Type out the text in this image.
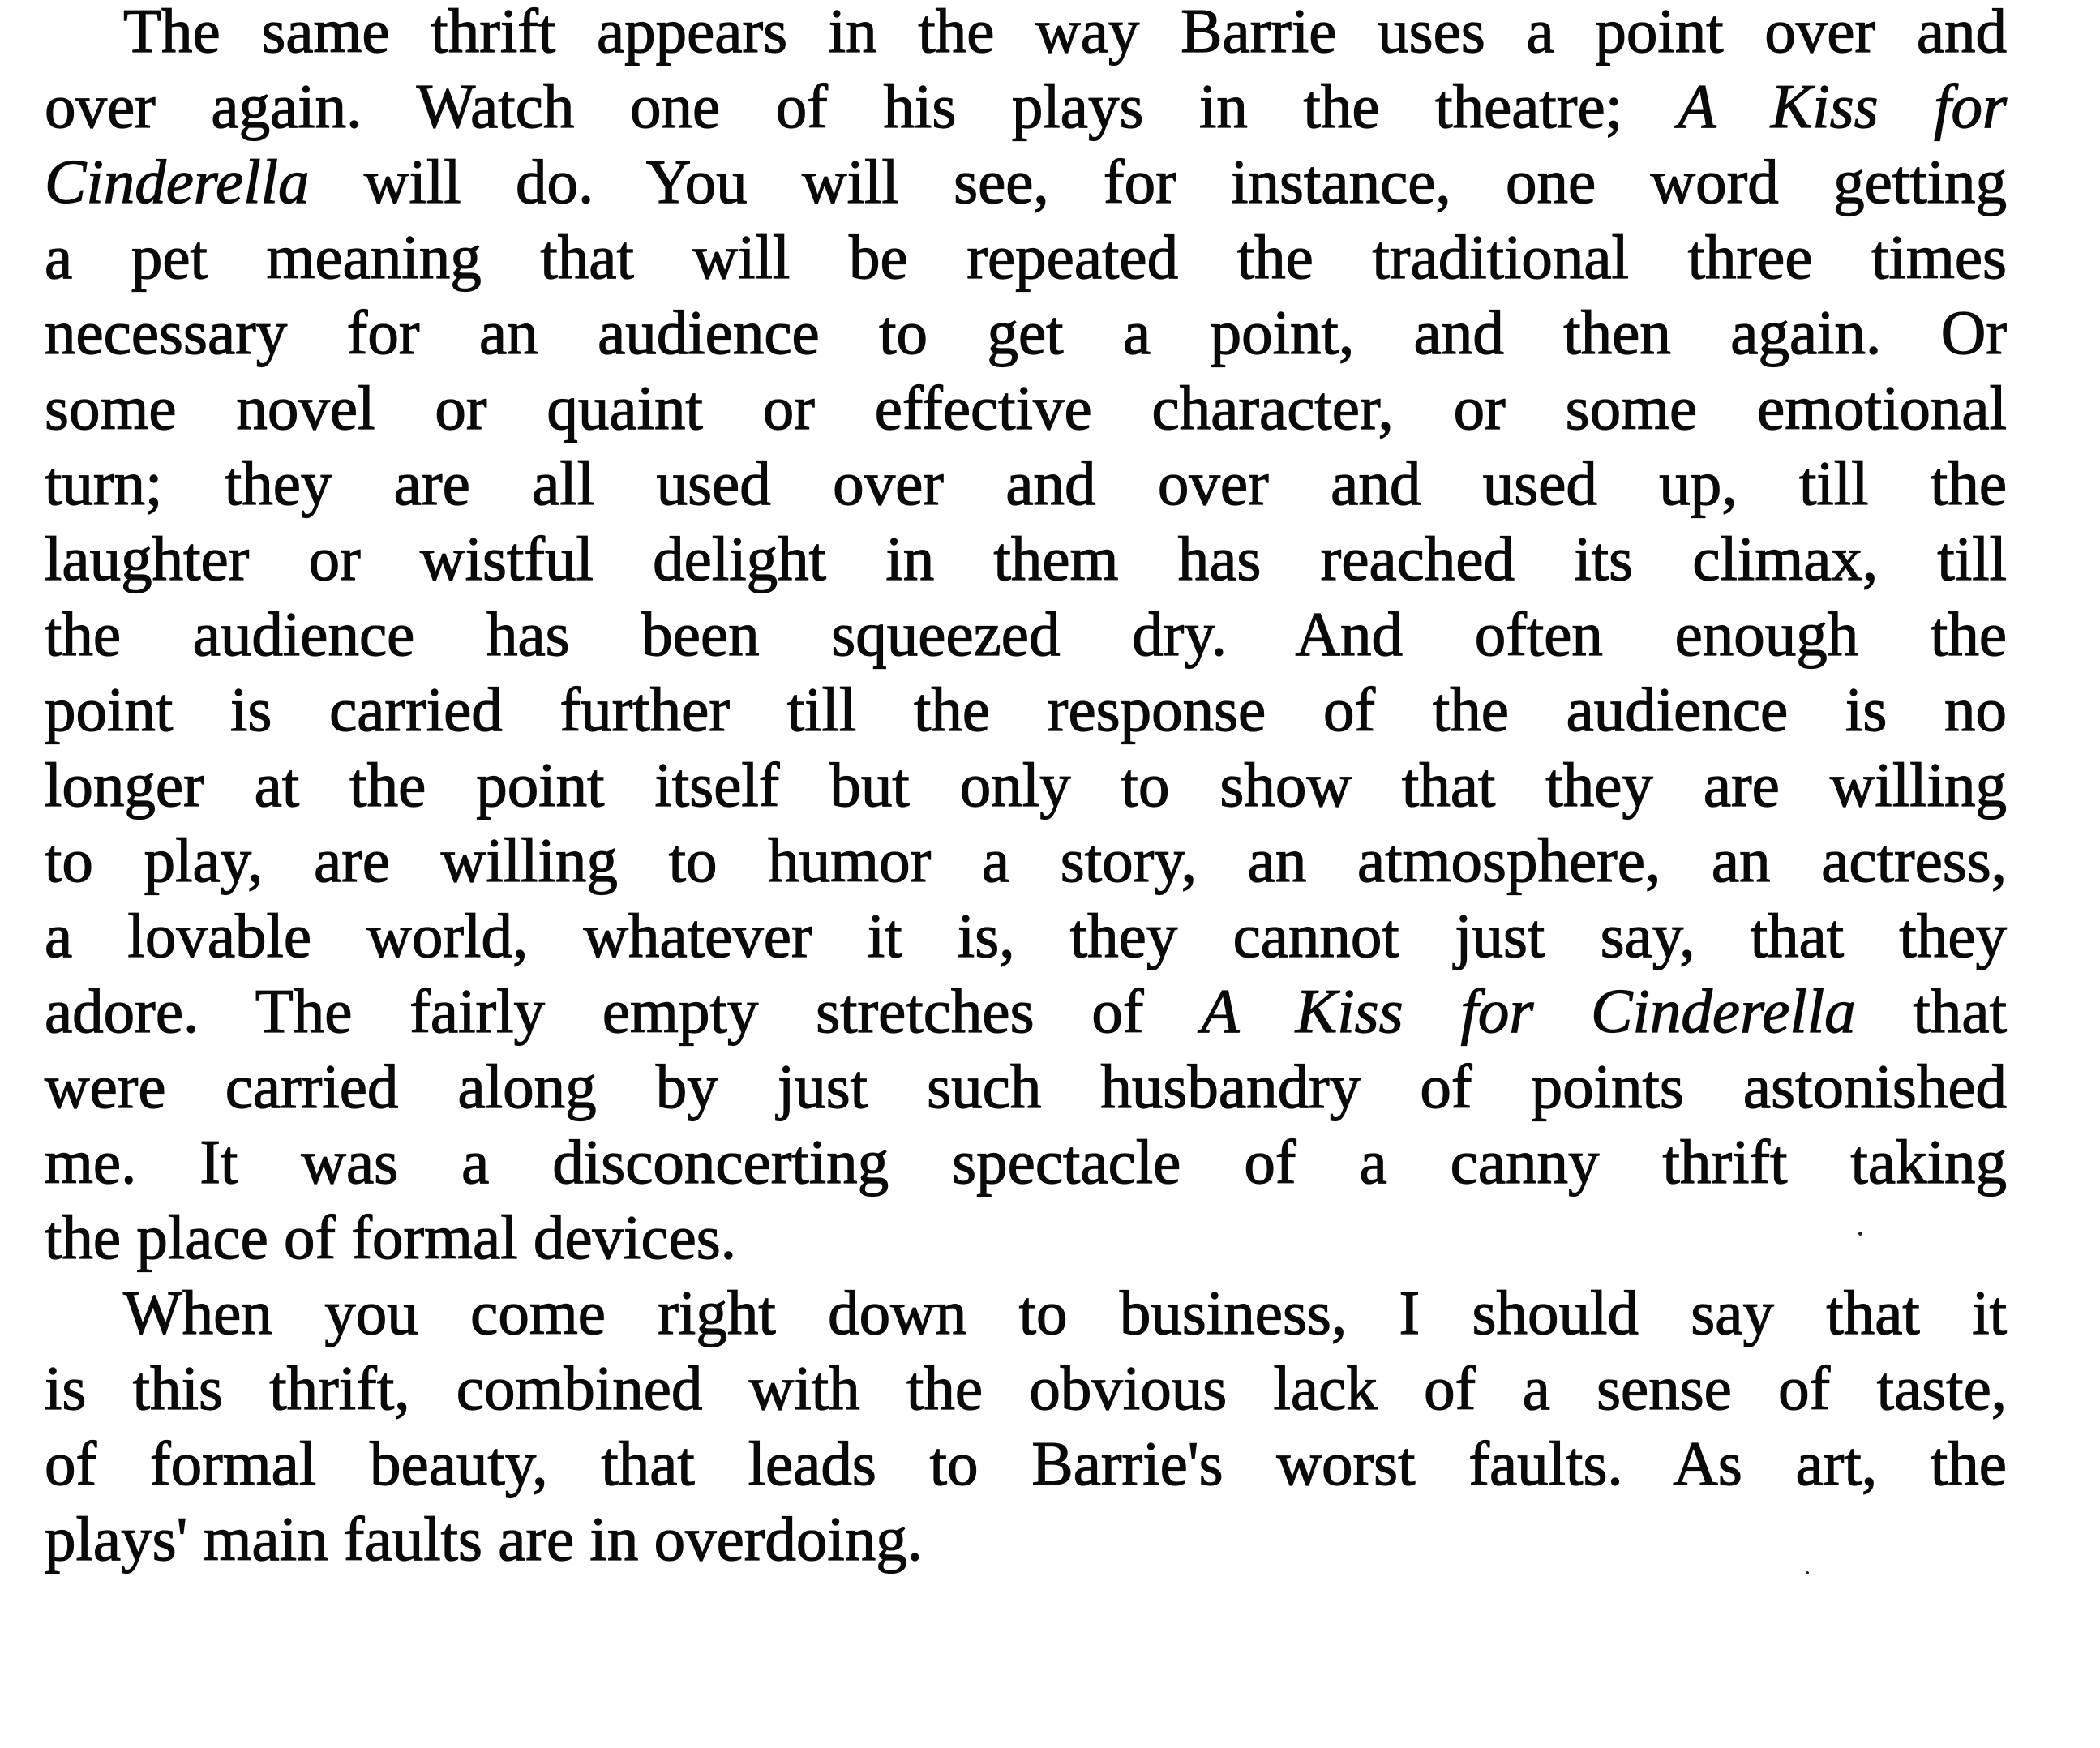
The same thrift appears in the way Barrie uses a point over and
over again. Watch one of his plays in the theatre; A Kiss for
Cinderella will do. You will see, for instance, one word getting
a pet meaning that will be repeated the traditional three times
necessary for an audience to get a point, and then again. Or
some novel or quaint or effective character, or some emotional
turn; they are all used over and over and used up, till the
laughter or wistful delight in them has reached its climax, till
the audience has been squeezed dry. And often enough the
point is carried further till the response of the audience is no
longer at the point itself but only to show that they are willing
to play, are willing to humor a story, an atmosphere, an actress,
a lovable world, whatever it is, they cannot just say, that they
adore. The fairly empty stretches of A Kiss for Cinderella that
were carried along by just such husbandry of points astonished
me. It was a disconcerting spectacle of a canny thrift taking
the place of formal devices.
When you come right down to business, I should say that it
is this thrift, combined with the obvious lack of a sense of taste,
of formal beauty, that leads to Barrie's worst faults. As art, the
plays' main faults are in overdoing.
